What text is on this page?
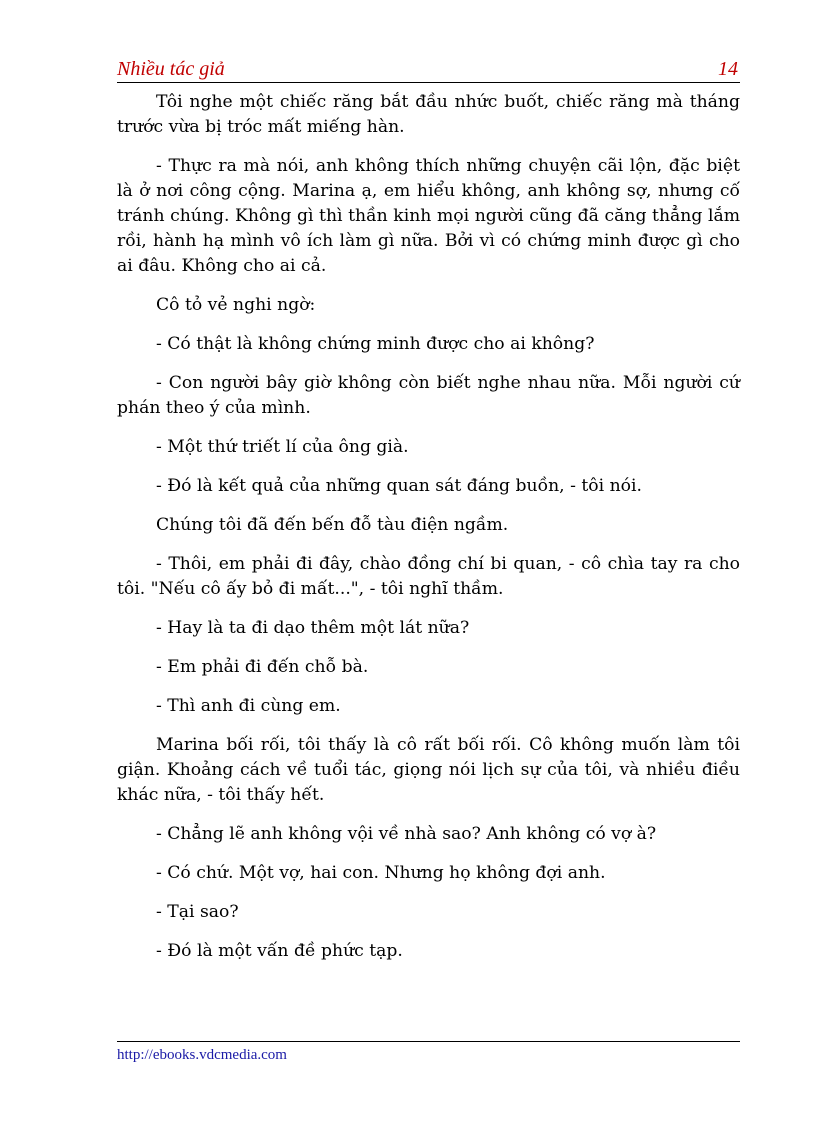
Nhiều tác giả	14

Tôi nghe một chiếc răng bắt đầu nhức buốt, chiếc răng mà tháng trước vừa bị tróc mất miếng hàn.

- Thực ra mà nói, anh không thích những chuyện cãi lộn, đặc biệt là ở nơi công cộng. Marina ạ, em hiểu không, anh không sợ, nhưng cố tránh chúng. Không gì thì thần kinh mọi người cũng đã căng thẳng lắm rồi, hành hạ mình vô ích làm gì nữa. Bởi vì có chứng minh được gì cho ai đâu. Không cho ai cả.

Cô tỏ vẻ nghi ngờ:

- Có thật là không chứng minh được cho ai không?

- Con người bây giờ không còn biết nghe nhau nữa. Mỗi người cứ phán theo ý của mình.

- Một thứ triết lí của ông già.

- Đó là kết quả của những quan sát đáng buồn, - tôi nói.

Chúng tôi đã đến bến đỗ tàu điện ngầm.

- Thôi, em phải đi đây, chào đồng chí bi quan, - cô chìa tay ra cho tôi. "Nếu cô ấy bỏ đi mất...", - tôi nghĩ thầm.

- Hay là ta đi dạo thêm một lát nữa?

- Em phải đi đến chỗ bà.

- Thì anh đi cùng em.

Marina bối rối, tôi thấy là cô rất bối rối. Cô không muốn làm tôi giận. Khoảng cách về tuổi tác, giọng nói lịch sự của tôi, và nhiều điều khác nữa, - tôi thấy hết.

- Chẳng lẽ anh không vội về nhà sao? Anh không có vợ à?

- Có chứ. Một vợ, hai con. Nhưng họ không đợi anh.

- Tại sao?

- Đó là một vấn đề phức tạp.

http://ebooks.vdcmedia.com
